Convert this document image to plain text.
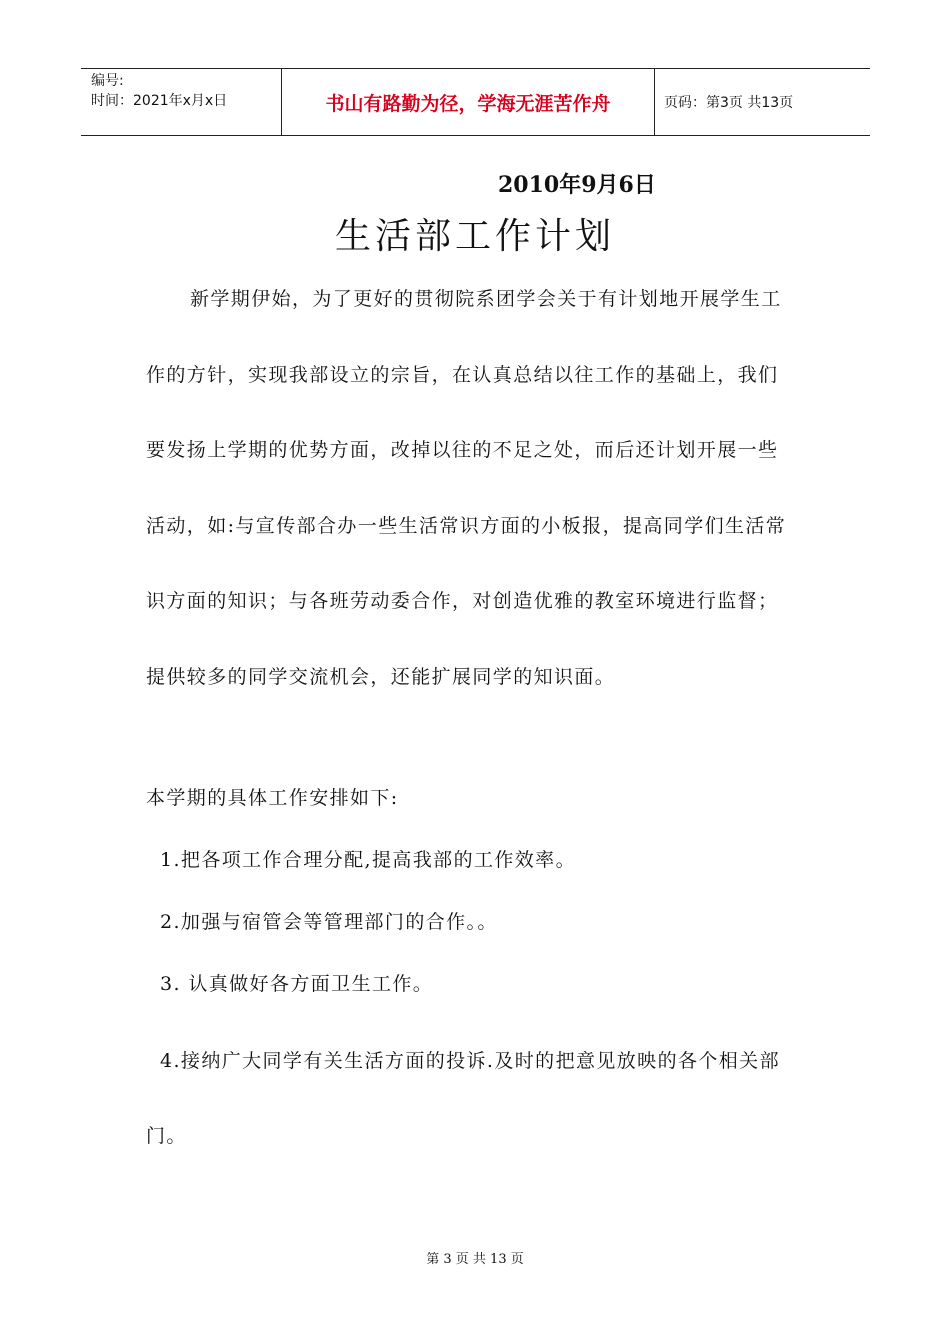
编号:
时间：2021年x月x日	书山有路勤为径，学海无涯苦作舟	页码：第3页 共13页
2010年9月6日
生活部工作计划

新学期伊始，为了更好的贯彻院系团学会关于有计划地开展学生工作的方针，实现我部设立的宗旨，在认真总结以往工作的基础上，我们要发扬上学期的优势方面，改掉以往的不足之处，而后还计划开展一些活动，如:与宣传部合办一些生活常识方面的小板报，提高同学们生活常识方面的知识；与各班劳动委合作，对创造优雅的教室环境进行监督；提供较多的同学交流机会，还能扩展同学的知识面。

本学期的具体工作安排如下:
1.把各项工作合理分配,提高我部的工作效率。
2.加强与宿管会等管理部门的合作。。
3. 认真做好各方面卫生工作。

4.接纳广大同学有关生活方面的投诉.及时的把意见放映的各个相关部门。

第 3 页 共 13 页
